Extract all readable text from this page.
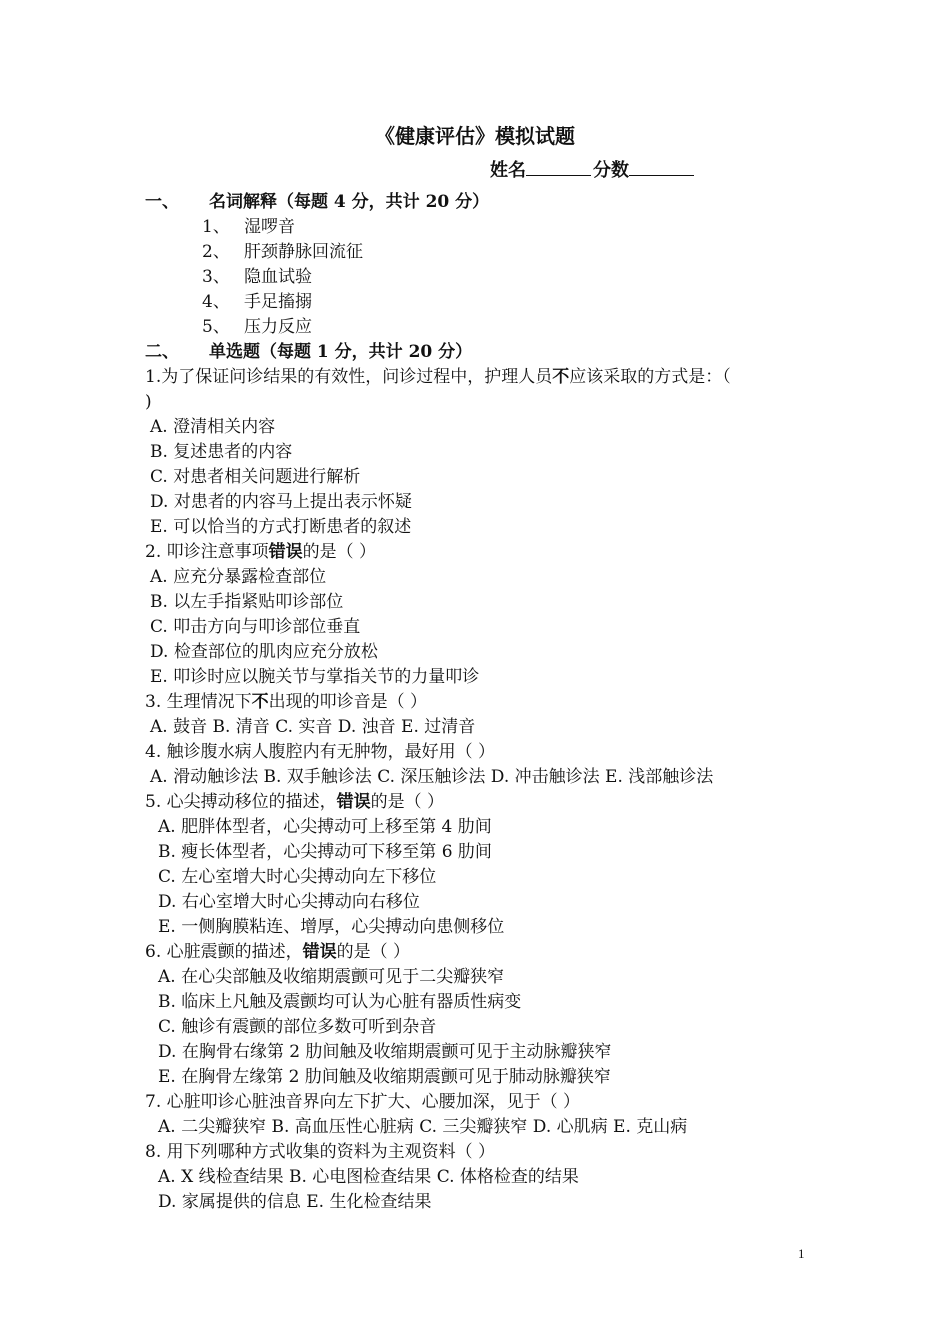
《健康评估》模拟试题
姓名	分数
一、 名词解释（每题 4 分，共计 20 分）
1、 湿啰音
2、 肝颈静脉回流征
3、 隐血试验
4、 手足搐搦
5、 压力反应
二、 单选题（每题 1 分，共计 20 分）
1.为了保证问诊结果的有效性，问诊过程中，护理人员不应该采取的方式是：（
)
A. 澄清相关内容
B. 复述患者的内容
C. 对患者相关问题进行解析
D. 对患者的内容马上提出表示怀疑
E. 可以恰当的方式打断患者的叙述
2. 叩诊注意事项错误的是（ ）
A. 应充分暴露检查部位
B. 以左手指紧贴叩诊部位
C. 叩击方向与叩诊部位垂直
D. 检查部位的肌肉应充分放松
E. 叩诊时应以腕关节与掌指关节的力量叩诊
3. 生理情况下不出现的叩诊音是（ ）
A. 鼓音 B. 清音 C. 实音 D. 浊音 E. 过清音
4. 触诊腹水病人腹腔内有无肿物，最好用（ ）
A. 滑动触诊法 B. 双手触诊法 C. 深压触诊法 D. 冲击触诊法 E. 浅部触诊法
5. 心尖搏动移位的描述，错误的是（ ）
A. 肥胖体型者，心尖搏动可上移至第 4 肋间
B. 瘦长体型者，心尖搏动可下移至第 6 肋间
C. 左心室增大时心尖搏动向左下移位
D. 右心室增大时心尖搏动向右移位
E. 一侧胸膜粘连、增厚，心尖搏动向患侧移位
6. 心脏震颤的描述，错误的是（ ）
A. 在心尖部触及收缩期震颤可见于二尖瓣狭窄
B. 临床上凡触及震颤均可认为心脏有器质性病变
C. 触诊有震颤的部位多数可听到杂音
D. 在胸骨右缘第 2 肋间触及收缩期震颤可见于主动脉瓣狭窄
E. 在胸骨左缘第 2 肋间触及收缩期震颤可见于肺动脉瓣狭窄
7. 心脏叩诊心脏浊音界向左下扩大、心腰加深，见于（ ）
A. 二尖瓣狭窄 B. 高血压性心脏病 C. 三尖瓣狭窄 D. 心肌病 E. 克山病
8. 用下列哪种方式收集的资料为主观资料（ ）
A. X 线检查结果 B. 心电图检查结果 C. 体格检查的结果
D. 家属提供的信息 E. 生化检查结果
1
